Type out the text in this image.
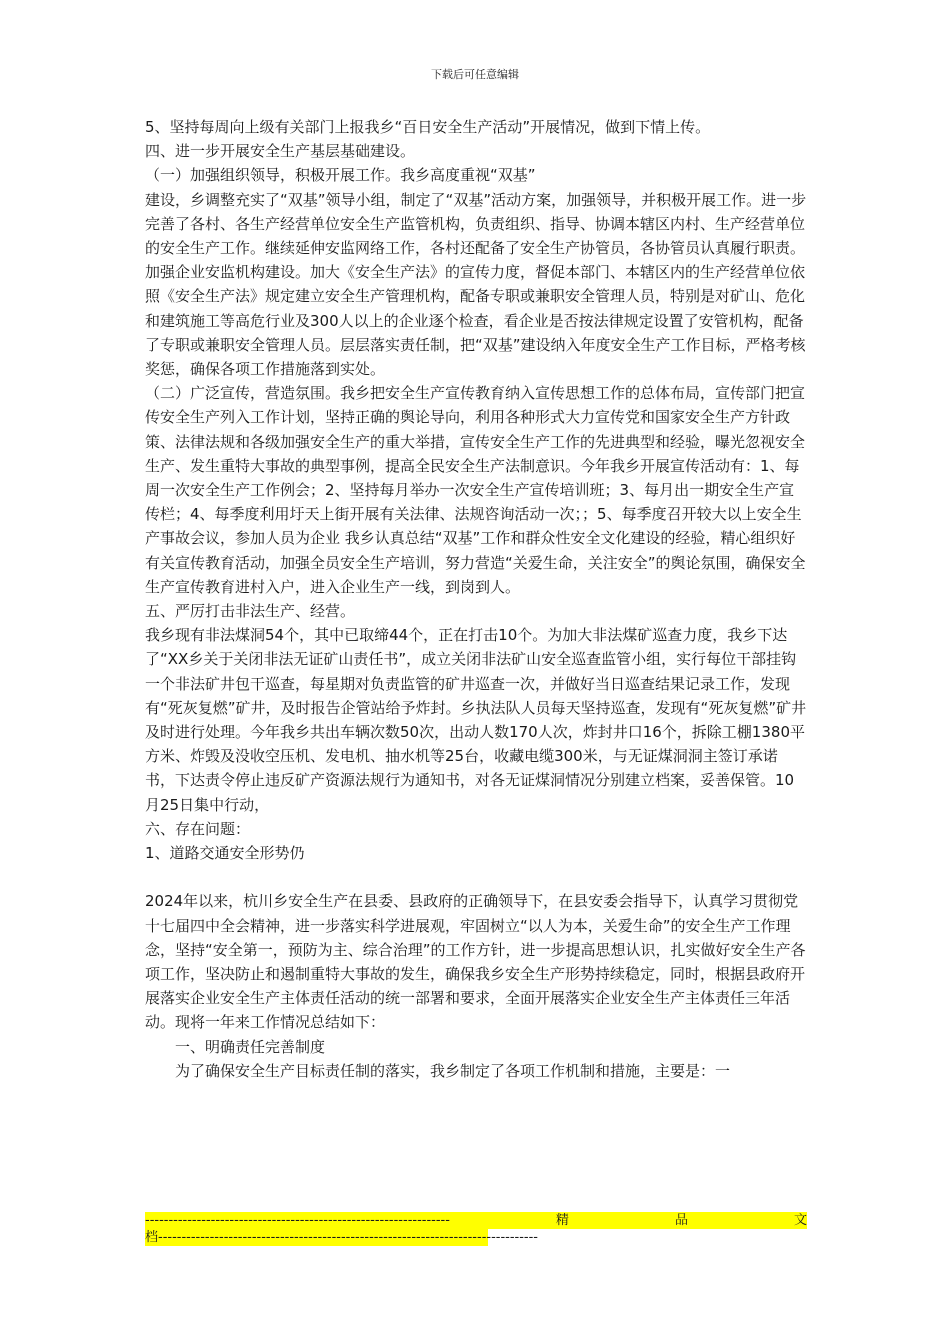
下载后可任意编辑

5、坚持每周向上级有关部门上报我乡“百日安全生产活动”开展情况，做到下情上传。

四、进一步开展安全生产基层基础建设。

（一）加强组织领导，积极开展工作。我乡高度重视“双基”

建设，乡调整充实了“双基”领导小组，制定了“双基”活动方案，加强领导，并积极开展工作。进一步完善了各村、各生产经营单位安全生产监管机构，负责组织、指导、协调本辖区内村、生产经营单位的安全生产工作。继续延伸安监网络工作，各村还配备了安全生产协管员，各协管员认真履行职责。加强企业安监机构建设。加大《安全生产法》的宣传力度，督促本部门、本辖区内的生产经营单位依照《安全生产法》规定建立安全生产管理机构，配备专职或兼职安全管理人员，特别是对矿山、危化和建筑施工等高危行业及300人以上的企业逐个检查，看企业是否按法律规定设置了安管机构，配备了专职或兼职安全管理人员。层层落实责任制，把“双基”建设纳入年度安全生产工作目标，严格考核奖惩，确保各项工作措施落到实处。

（二）广泛宣传，营造氛围。我乡把安全生产宣传教育纳入宣传思想工作的总体布局，宣传部门把宣传安全生产列入工作计划，坚持正确的舆论导向，利用各种形式大力宣传党和国家安全生产方针政策、法律法规和各级加强安全生产的重大举措，宣传安全生产工作的先进典型和经验，曝光忽视安全生产、发生重特大事故的典型事例，提高全民安全生产法制意识。今年我乡开展宣传活动有：1、每周一次安全生产工作例会；2、坚持每月举办一次安全生产宣传培训班；3、每月出一期安全生产宣传栏；4、每季度利用圩天上街开展有关法律、法规咨询活动一次；；5、每季度召开较大以上安全生产事故会议，参加人员为企业 我乡认真总结“双基”工作和群众性安全文化建设的经验，精心组织好有关宣传教育活动，加强全员安全生产培训，努力营造“关爱生命，关注安全”的舆论氛围，确保安全生产宣传教育进村入户，进入企业生产一线，到岗到人。

五、严厉打击非法生产、经营。

我乡现有非法煤洞54个，其中已取缔44个，正在打击10个。为加大非法煤矿巡查力度，我乡下达了“XX乡关于关闭非法无证矿山责任书”，成立关闭非法矿山安全巡查监管小组，实行每位干部挂钩一个非法矿井包干巡查，每星期对负责监管的矿井巡查一次，并做好当日巡查结果记录工作，发现有“死灰复燃”矿井，及时报告企管站给予炸封。乡执法队人员每天坚持巡查，发现有“死灰复燃”矿井及时进行处理。今年我乡共出车辆次数50次，出动人数170人次，炸封井口16个，拆除工棚1380平方米、炸毁及没收空压机、发电机、抽水机等25台，收藏电缆300米，与无证煤洞洞主签订承诺书，下达责令停止违反矿产资源法规行为通知书，对各无证煤洞情况分别建立档案，妥善保管。10月25日集中行动，

六、存在问题：

1、道路交通安全形势仍

2024年以来，杭川乡安全生产在县委、县政府的正确领导下，在县安委会指导下，认真学习贯彻党十七届四中全会精神，进一步落实科学进展观，牢固树立“以人为本，关爱生命”的安全生产工作理念，坚持“安全第一，预防为主、综合治理”的工作方针，进一步提高思想认识，扎实做好安全生产各项工作，坚决防止和遏制重特大事故的发生，确保我乡安全生产形势持续稳定，同时，根据县政府开展落实企业安全生产主体责任活动的统一部署和要求，全面开展落实企业安全生产主体责任三年活动。现将一年来工作情况总结如下：

一、明确责任完善制度

为了确保安全生产目标责任制的落实，我乡制定了各项工作机制和措施，主要是：一

-----------------------------------------------------------------	精	品	文
档---------------------------------------------------------------------------------
